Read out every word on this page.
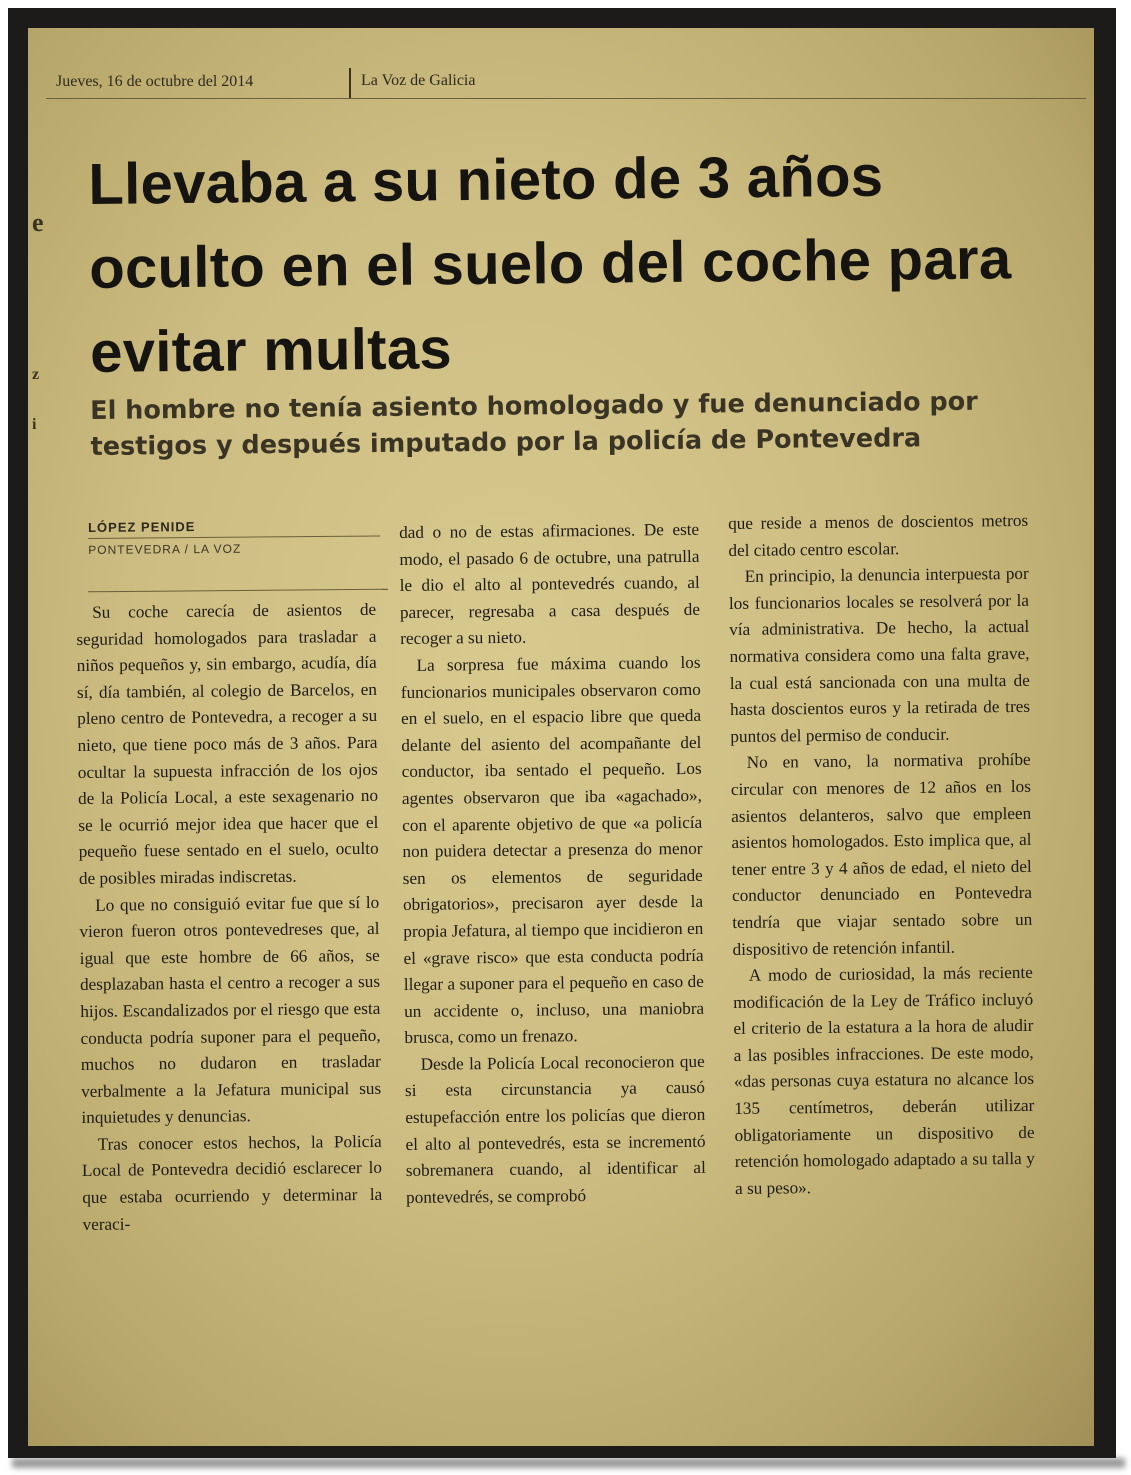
e
z
i
Jueves, 16 de octubre del 2014	La Voz de Galicia
Llevaba a su nieto de 3 años oculto en el suelo del coche para evitar multas
El hombre no tenía asiento homologado y fue denunciado por testigos y después imputado por la policía de Pontevedra
LÓPEZ PENIDE
PONTEVEDRA / LA VOZ

Su coche carecía de asientos de seguridad homologados para trasladar a niños pequeños y, sin embargo, acudía, día sí, día también, al colegio de Barcelos, en pleno centro de Pontevedra, a recoger a su nieto, que tiene poco más de 3 años. Para ocultar la supuesta infracción de los ojos de la Policía Local, a este sexagenario no se le ocurrió mejor idea que hacer que el pequeño fuese sentado en el suelo, oculto de posibles miradas indiscretas.

Lo que no consiguió evitar fue que sí lo vieron fueron otros pontevedreses que, al igual que este hombre de 66 años, se desplazaban hasta el centro a recoger a sus hijos. Escandalizados por el riesgo que esta conducta podría suponer para el pequeño, muchos no dudaron en trasladar verbalmente a la Jefatura municipal sus inquietudes y denuncias.

Tras conocer estos hechos, la Policía Local de Pontevedra decidió esclarecer lo que estaba ocurriendo y determinar la veraci-

dad o no de estas afirmaciones. De este modo, el pasado 6 de octubre, una patrulla le dio el alto al pontevedrés cuando, al parecer, regresaba a casa después de recoger a su nieto.

La sorpresa fue máxima cuando los funcionarios municipales observaron como en el suelo, en el espacio libre que queda delante del asiento del acompañante del conductor, iba sentado el pequeño. Los agentes observaron que iba «agachado», con el aparente objetivo de que «a policía non puidera detectar a presenza do menor sen os elementos de seguridade obrigatorios», precisaron ayer desde la propia Jefatura, al tiempo que incidieron en el «grave risco» que esta conducta podría llegar a suponer para el pequeño en caso de un accidente o, incluso, una maniobra brusca, como un frenazo.

Desde la Policía Local reconocieron que si esta circunstancia ya causó estupefacción entre los policías que dieron el alto al pontevedrés, esta se incrementó sobremanera cuando, al identificar al pontevedrés, se comprobó

que reside a menos de doscientos metros del citado centro escolar.

En principio, la denuncia interpuesta por los funcionarios locales se resolverá por la vía administrativa. De hecho, la actual normativa considera como una falta grave, la cual está sancionada con una multa de hasta doscientos euros y la retirada de tres puntos del permiso de conducir.

No en vano, la normativa prohíbe circular con menores de 12 años en los asientos delanteros, salvo que empleen asientos homologados. Esto implica que, al tener entre 3 y 4 años de edad, el nieto del conductor denunciado en Pontevedra tendría que viajar sentado sobre un dispositivo de retención infantil.

A modo de curiosidad, la más reciente modificación de la Ley de Tráfico incluyó el criterio de la estatura a la hora de aludir a las posibles infracciones. De este modo, «das personas cuya estatura no alcance los 135 centímetros, deberán utilizar obligatoriamente un dispositivo de retención homologado adaptado a su talla y a su peso».
